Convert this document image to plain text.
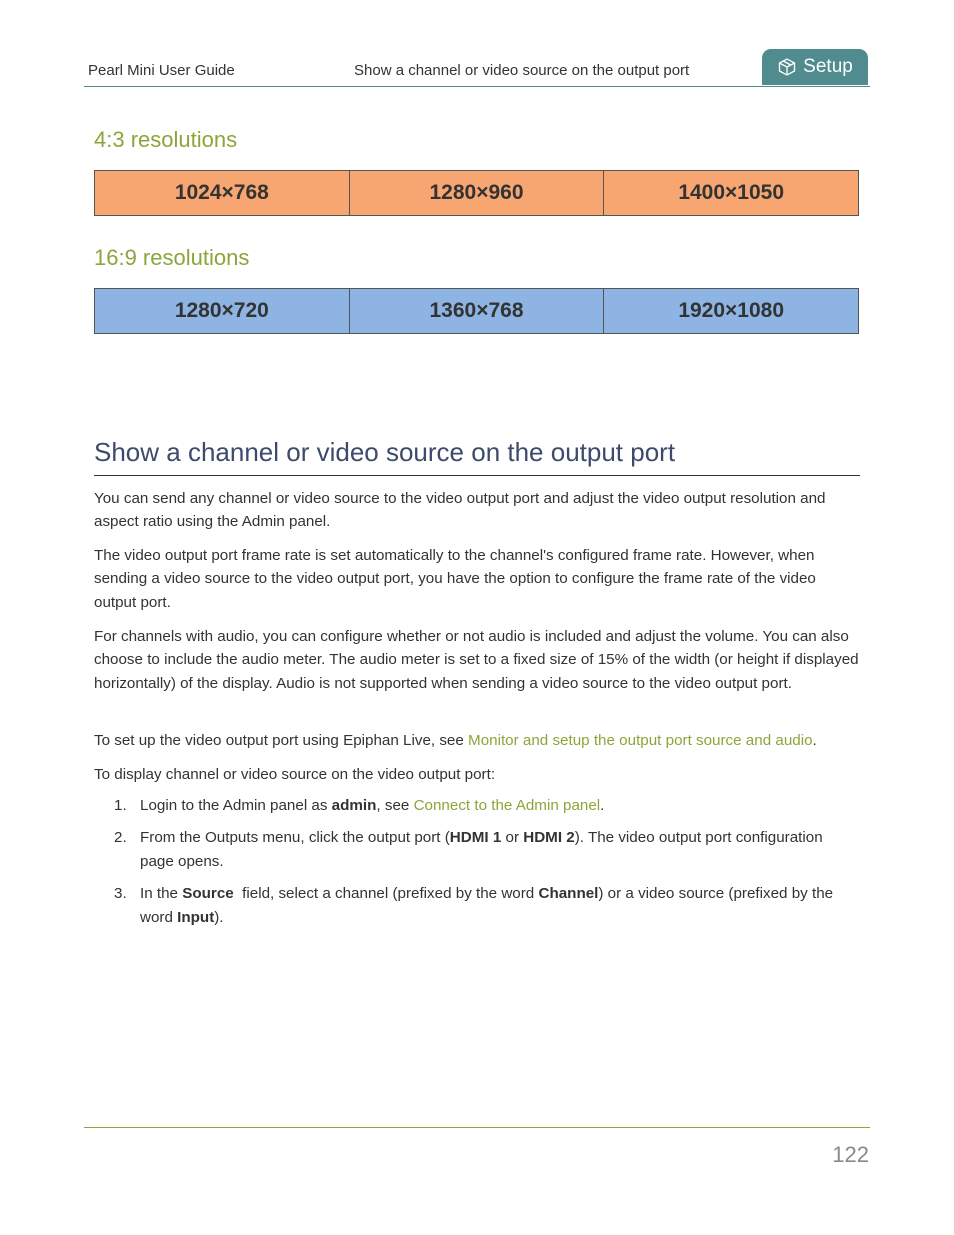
Pearl Mini User Guide	Show a channel or video source on the output port	Setup
4:3 resolutions
1024×768	1280×960	1400×1050
16:9 resolutions
1280×720	1360×768	1920×1080
Show a channel or video source on the output port

You can send any channel or video source to the video output port and adjust the video output resolution and aspect ratio using the Admin panel.

The video output port frame rate is set automatically to the channel's configured frame rate. However, when sending a video source to the video output port, you have the option to configure the frame rate of the video output port.

For channels with audio, you can configure whether or not audio is included and adjust the volume. You can also choose to include the audio meter. The audio meter is set to a fixed size of 15% of the width (or height if displayed horizontally) of the display. Audio is not supported when sending a video source to the video output port.

To set up the video output port using Epiphan Live, see Monitor and setup the output port source and audio.

To display channel or video source on the video output port:

1. Login to the Admin panel as admin, see Connect to the Admin panel.
2. From the Outputs menu, click the output port (HDMI 1 or HDMI 2). The video output port configuration page opens.
3. In the Source  field, select a channel (prefixed by the word Channel) or a video source (prefixed by the word Input).
122
